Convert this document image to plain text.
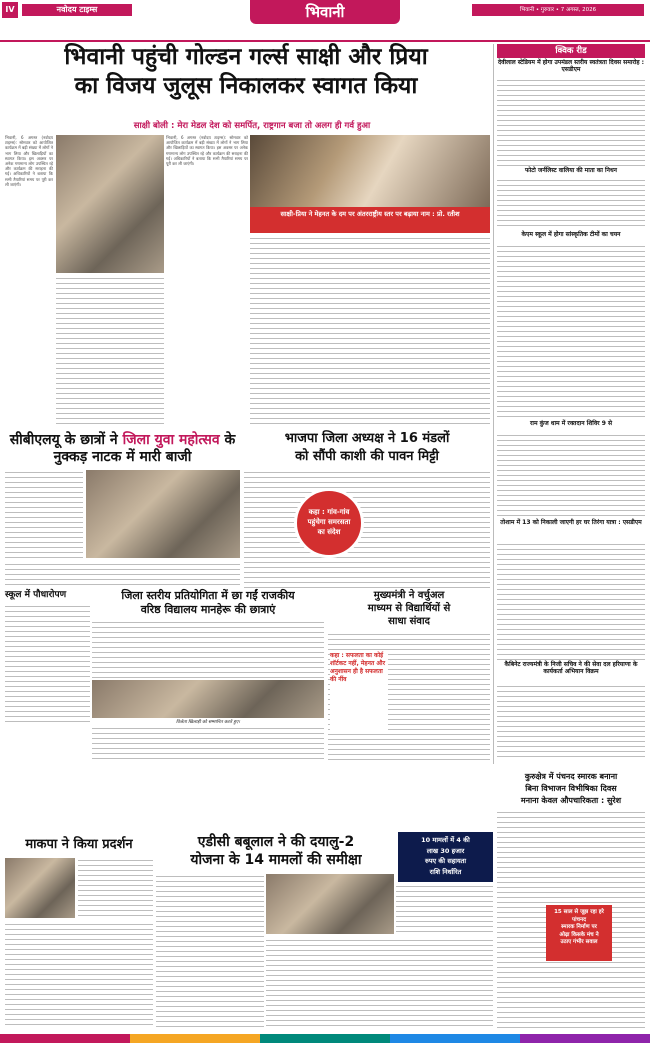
IV	नवोदय टाइम्स	भिवानी	भिवानी • गुरुवार • 7 अगस्त, 2026
भिवानी पहुंची गोल्डन गर्ल्स साक्षी और प्रिया
का विजय जुलूस निकालकर स्वागत किया
साक्षी बोली : मेरा मेडल देश को समर्पित, राष्ट्रगान बजा तो अलग ही गर्व हुआ
साक्षी-प्रिया ने मेहनत के दम पर अंतरराष्ट्रीय स्तर पर बढ़ाया नाम : प्रो. रतीश
भिवानी, 6 अगस्त (नवोदय टाइम्स): सोमवार को आयोजित कार्यक्रम में बड़ी संख्या में लोगों ने भाग लिया और खिलाड़ियों का स्वागत किया। इस अवसर पर अनेक गणमान्य लोग उपस्थित रहे और कार्यक्रम की सराहना की गई। अधिकारियों ने बताया कि सभी तैयारियां समय पर पूरी कर ली जाएंगी।
भिवानी, 6 अगस्त (नवोदय टाइम्स): सोमवार को आयोजित कार्यक्रम में बड़ी संख्या में लोगों ने भाग लिया और खिलाड़ियों का स्वागत किया। इस अवसर पर अनेक गणमान्य लोग उपस्थित रहे और कार्यक्रम की सराहना की गई। अधिकारियों ने बताया कि सभी तैयारियां समय पर पूरी कर ली जाएंगी।
क्विक रीड
देवीलाल स्टेडियम में होगा उपमंडल स्तरीय स्वतंत्रता दिवस समारोह : एसडीएम
फोटो जर्नलिस्ट वालिया की माता का निधन
केएम स्कूल में होगा सांस्कृतिक टीमों का चयन
राम कुंज धाम में रक्तदान शिविर 9 से
तोशाम में 13 को निकाली जाएगी हर घर तिरंगा यात्रा : एसडीएम
कैबिनेट राज्यमंत्री के निजी सचिव ने की सेवा दल हरियाणा के कार्यकर्ता अभियान विक्रम
सीबीएलयू के छात्रों ने जिला युवा महोत्सव के नुक्कड़ नाटक में मारी बाजी
स्कूल में पौधारोपण
भाजपा जिला अध्यक्ष ने 16 मंडलों
को सौंपी काशी की पावन मिट्टी
कहा : गांव-गांव पहुंचेगा समरसता का संदेश
जिला स्तरीय प्रतियोगिता में छा गईं राजकीय
वरिष्ठ विद्यालय मानहेरू की छात्राएं
विजेता खिलाड़ी को सम्मानित करते हुए।
मुख्यमंत्री ने वर्चुअल
माध्यम से विद्यार्थियों से
साधा संवाद
कहा : सफलता का कोई शॉर्टकट नहीं, मेहनत और अनुशासन ही है सफलता की नींव
कुरुक्षेत्र में पंचनद स्मारक बनाना
बिना विभाजन विभीषिका दिवस
मनाना केवल औपचारिकता : सुरेश
15 साल से जूझ रहा हरे पांचनद
स्मारक निर्माण पर
ओढ़ा किसके मंच ने
उठाए गंभीर सवाल
माकपा ने किया प्रदर्शन	एडीसी बबूलाल ने की दयालु-2
योजना के 14 मामलों की समीक्षा
10 मामलों में 4 की
लाख 30 हजार
रुपए की सहायता
राशि निर्धारित
